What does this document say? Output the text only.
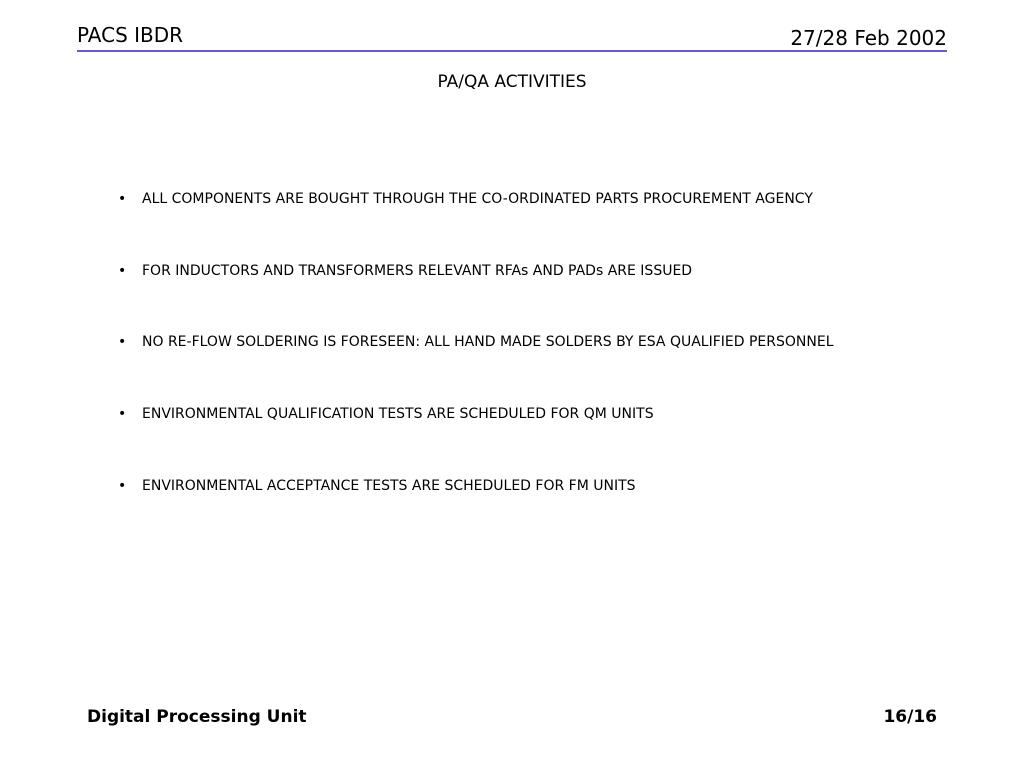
PACS IBDR	27/28 Feb 2002
PA/QA ACTIVITIES
•	ALL COMPONENTS ARE BOUGHT THROUGH THE CO-ORDINATED PARTS PROCUREMENT AGENCY
•	FOR INDUCTORS AND TRANSFORMERS RELEVANT RFAs AND PADs ARE ISSUED
•	NO RE-FLOW SOLDERING IS FORESEEN: ALL HAND MADE SOLDERS BY ESA QUALIFIED PERSONNEL
•	ENVIRONMENTAL QUALIFICATION TESTS ARE SCHEDULED FOR QM UNITS
•	ENVIRONMENTAL ACCEPTANCE TESTS ARE SCHEDULED FOR FM UNITS
Digital Processing Unit	16/16
